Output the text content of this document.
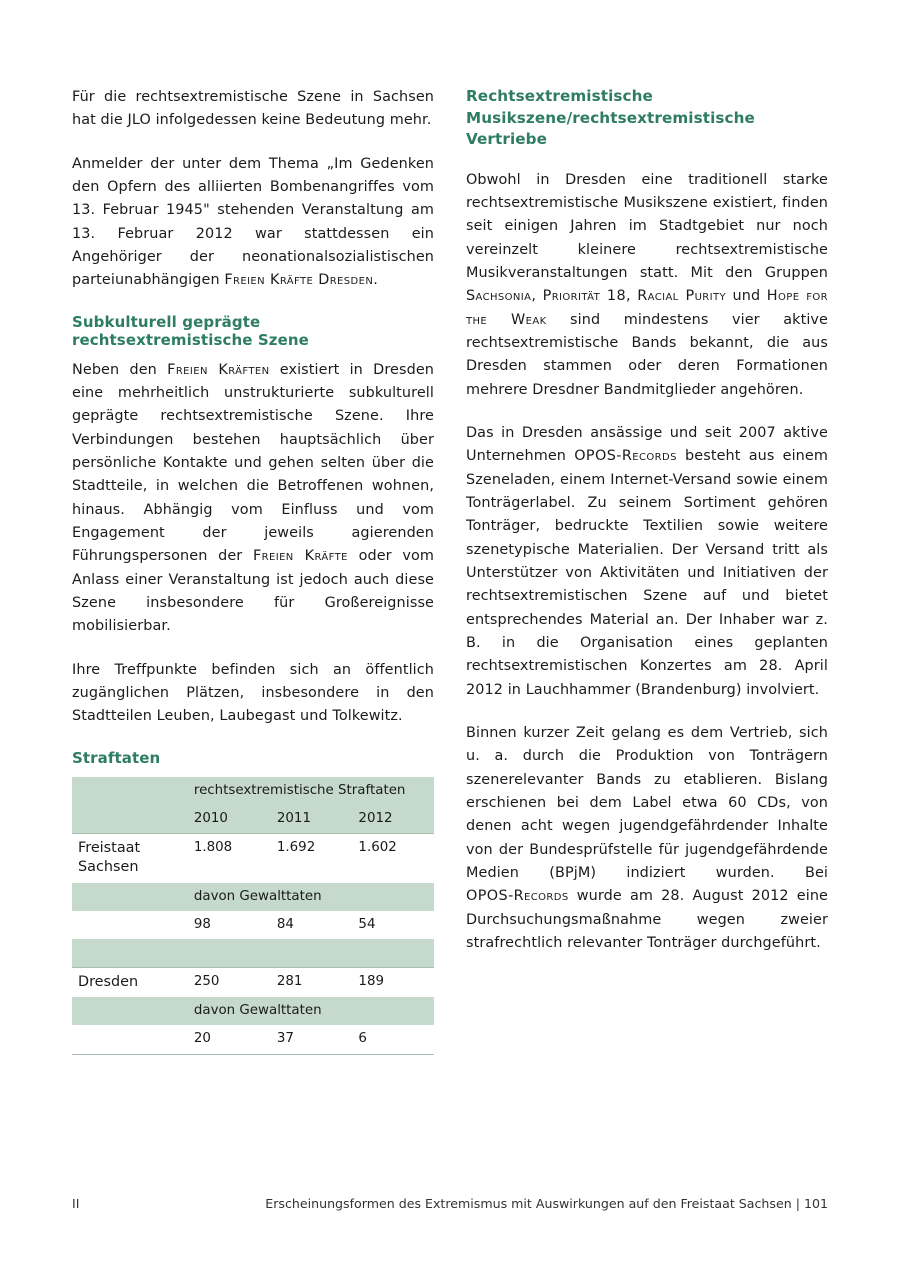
Für die rechtsextremistische Szene in Sachsen hat die JLO infolgedessen keine Bedeutung mehr.

Anmelder der unter dem Thema „Im Gedenken den Opfern des alliierten Bombenangriffes vom 13. Februar 1945" stehenden Veranstaltung am 13. Februar 2012 war stattdessen ein Angehöriger der neonationalsozialistischen parteiunabhängigen Freien Kräfte Dresden.

Subkulturell geprägte rechtsextremistische Szene

Neben den Freien Kräften existiert in Dresden eine mehrheitlich unstrukturierte subkulturell geprägte rechtsextremistische Szene. Ihre Verbindungen bestehen hauptsächlich über persönliche Kontakte und gehen selten über die Stadtteile, in welchen die Betroffenen wohnen, hinaus. Abhängig vom Einfluss und vom Engagement der jeweils agierenden Führungspersonen der Freien Kräfte oder vom Anlass einer Veranstaltung ist jedoch auch diese Szene insbesondere für Großereignisse mobilisierbar.

Ihre Treffpunkte befinden sich an öffentlich zugänglichen Plätzen, insbesondere in den Stadtteilen Leuben, Laubegast und Tolkewitz.

Straftaten
	rechtsextremistische Straftaten		
	2010	2011	2012
Freistaat Sachsen	1.808	1.692	1.602
	davon Gewalttaten		
	98	84	54

Dresden	250	281	189
	davon Gewalttaten		
	20	37	6
Rechtsextremistische Musikszene/rechtsextremistische Vertriebe

Obwohl in Dresden eine traditionell starke rechtsextremistische Musikszene existiert, finden seit einigen Jahren im Stadtgebiet nur noch vereinzelt kleinere rechtsextremistische Musikveranstaltungen statt. Mit den Gruppen Sachsonia, Priorität 18, Racial Purity und Hope for the Weak sind mindestens vier aktive rechtsextremistische Bands bekannt, die aus Dresden stammen oder deren Formationen mehrere Dresdner Bandmitglieder angehören.

Das in Dresden ansässige und seit 2007 aktive Unternehmen OPOS-Records besteht aus einem Szeneladen, einem Internet-Versand sowie einem Tonträgerlabel. Zu seinem Sortiment gehören Tonträger, bedruckte Textilien sowie weitere szenetypische Materialien. Der Versand tritt als Unterstützer von Aktivitäten und Initiativen der rechtsextremistischen Szene auf und bietet entsprechendes Material an. Der Inhaber war z. B. in die Organisation eines geplanten rechtsextremistischen Konzertes am 28. April 2012 in Lauchhammer (Brandenburg) involviert.

Binnen kurzer Zeit gelang es dem Vertrieb, sich u. a. durch die Produktion von Tonträgern szenerelevanter Bands zu etablieren. Bislang erschienen bei dem Label etwa 60 CDs, von denen acht wegen jugendgefährdender Inhalte von der Bundesprüfstelle für jugendgefährdende Medien (BPjM) indiziert wurden. Bei OPOS-Records wurde am 28. August 2012 eine Durchsuchungsmaßnahme wegen zweier strafrechtlich relevanter Tonträger durchgeführt.

II	Erscheinungsformen des Extremismus mit Auswirkungen auf den Freistaat Sachsen | 101
